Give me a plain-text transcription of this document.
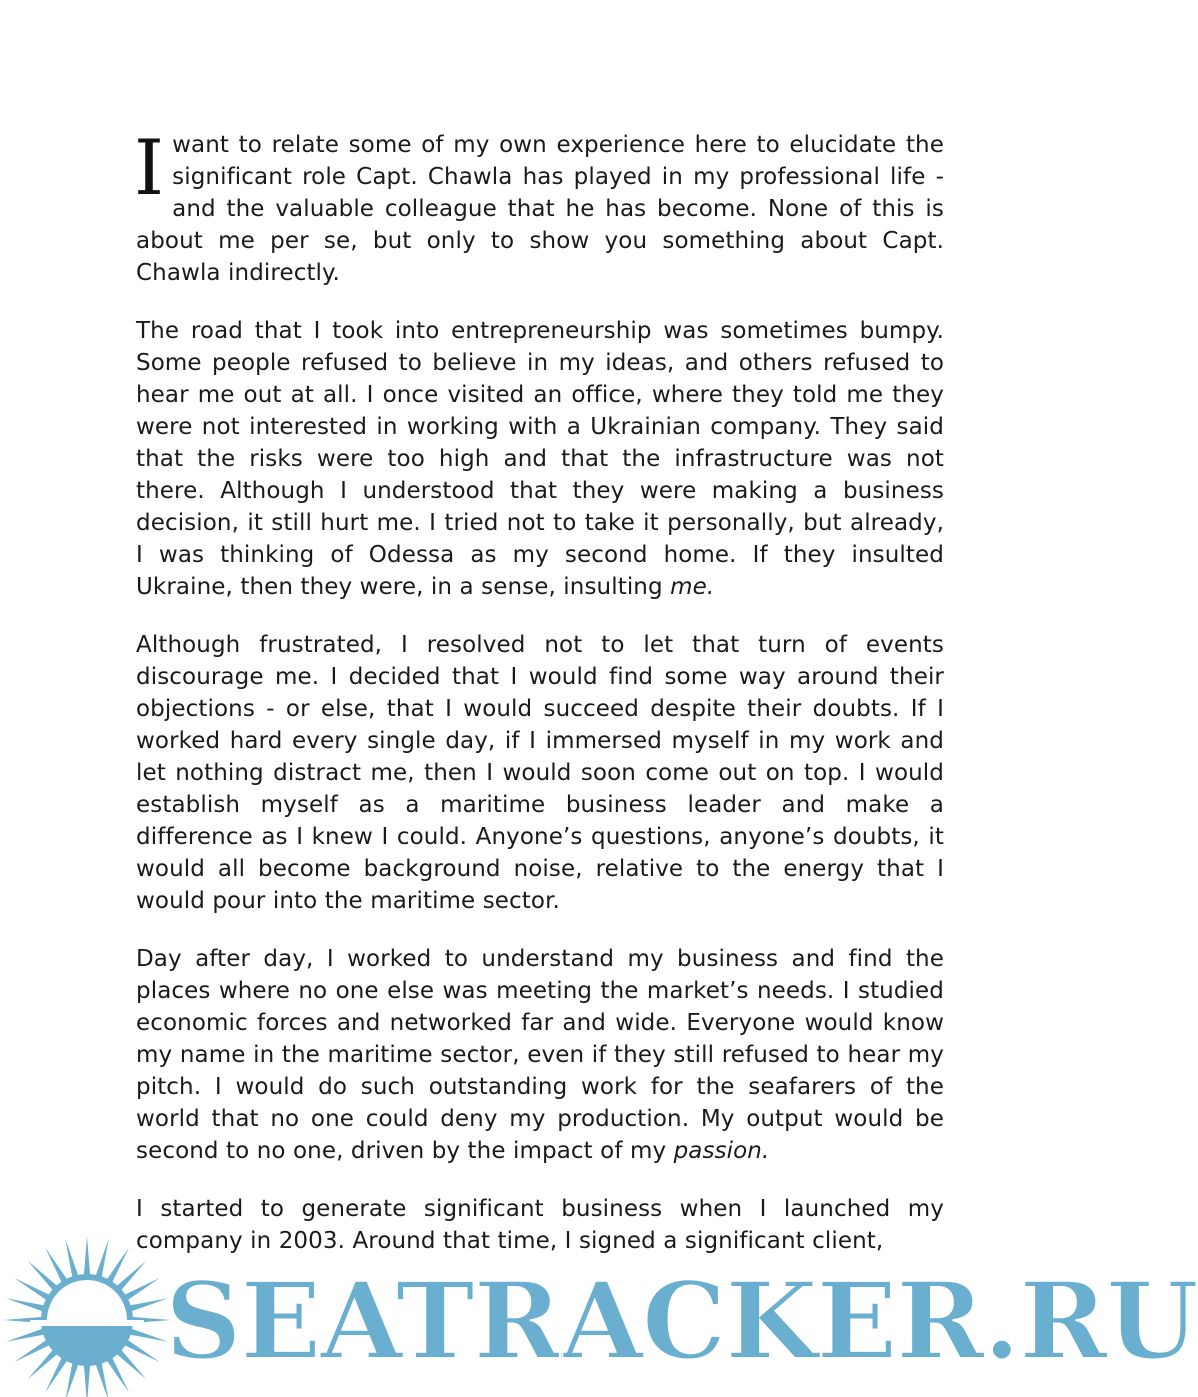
Iwant to relate some of my own experience here to elucidate the significant role Capt. Chawla has played in my professional life - and the valuable colleague that he has become. None of this is about me per se, but only to show you something about Capt. Chawla indirectly.

The road that I took into entrepreneurship was sometimes bumpy. Some people refused to believe in my ideas, and others refused to hear me out at all. I once visited an office, where they told me they were not interested in working with a Ukrainian company. They said that the risks were too high and that the infrastructure was not there. Although I understood that they were making a business decision, it still hurt me. I tried not to take it personally, but already, I was thinking of Odessa as my second home. If they insulted Ukraine, then they were, in a sense, insulting me.

Although frustrated, I resolved not to let that turn of events discourage me. I decided that I would find some way around their objections - or else, that I would succeed despite their doubts. If I worked hard every single day, if I immersed myself in my work and let nothing distract me, then I would soon come out on top. I would establish myself as a maritime business leader and make a difference as I knew I could. Anyone’s questions, anyone’s doubts, it would all become background noise, relative to the energy that I would pour into the maritime sector.

Day after day, I worked to understand my business and find the places where no one else was meeting the market’s needs. I studied economic forces and networked far and wide. Everyone would know my name in the maritime sector, even if they still refused to hear my pitch. I would do such outstanding work for the seafarers of the world that no one could deny my production. My output would be second to no one, driven by the impact of my passion.

I started to generate significant business when I launched my company in 2003. Around that time, I signed a significant client,

SEATRACKER.RU
